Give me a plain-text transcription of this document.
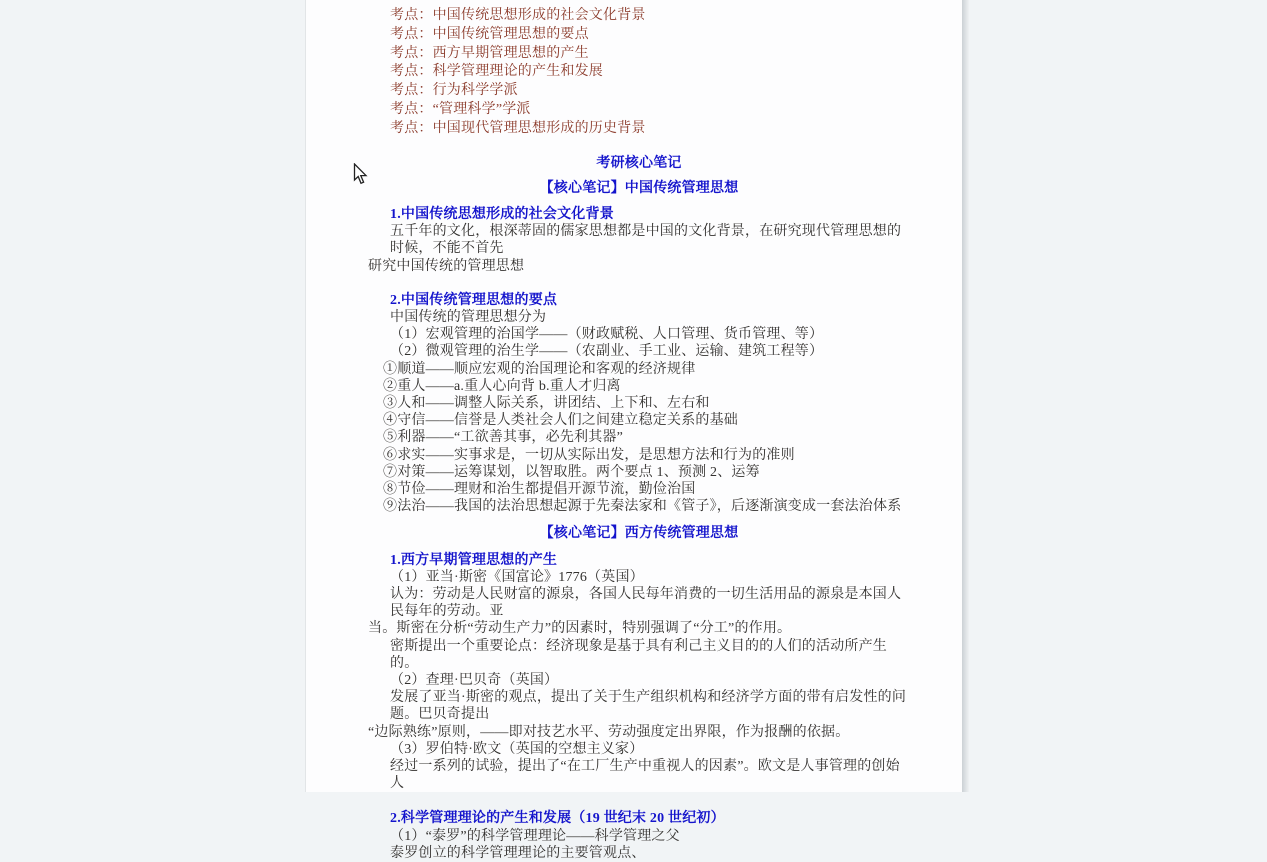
考点：中国传统思想形成的社会文化背景
考点：中国传统管理思想的要点
考点：西方早期管理思想的产生
考点：科学管理理论的产生和发展
考点：行为科学学派
考点：“管理科学”学派
考点：中国现代管理思想形成的历史背景
考研核心笔记
【核心笔记】中国传统管理思想
1.中国传统思想形成的社会文化背景
五千年的文化，根深蒂固的儒家思想都是中国的文化背景，在研究现代管理思想的时候，不能不首先
研究中国传统的管理思想
2.中国传统管理思想的要点
中国传统的管理思想分为
（1）宏观管理的治国学——（财政赋税、人口管理、货币管理、等）
（2）微观管理的治生学——（农副业、手工业、运输、建筑工程等）
①顺道——顺应宏观的治国理论和客观的经济规律
②重人——a.重人心向背 b.重人才归离
③人和——调整人际关系，讲团结、上下和、左右和
④守信——信誉是人类社会人们之间建立稳定关系的基础
⑤利器——“工欲善其事，必先利其器”
⑥求实——实事求是，一切从实际出发，是思想方法和行为的准则
⑦对策——运筹谋划，以智取胜。两个要点 1、预测 2、运筹
⑧节俭——理财和治生都提倡开源节流，勤俭治国
⑨法治——我国的法治思想起源于先秦法家和《管子》，后逐渐演变成一套法治体系
【核心笔记】西方传统管理思想
1.西方早期管理思想的产生
（1）亚当·斯密《国富论》1776（英国）
认为：劳动是人民财富的源泉，各国人民每年消费的一切生活用品的源泉是本国人民每年的劳动。亚
当。斯密在分析“劳动生产力”的因素时，特别强调了“分工”的作用。
密斯提出一个重要论点：经济现象是基于具有利己主义目的的人们的活动所产生的。
（2）查理·巴贝奇（英国）
发展了亚当·斯密的观点，提出了关于生产组织机构和经济学方面的带有启发性的问题。巴贝奇提出
“边际熟练”原则，——即对技艺水平、劳动强度定出界限，作为报酬的依据。
（3）罗伯特·欧文（英国的空想主义家）
经过一系列的试验，提出了“在工厂生产中重视人的因素”。欧文是人事管理的创始人
2.科学管理理论的产生和发展（19 世纪末 20 世纪初）
（1）“泰罗”的科学管理理论——科学管理之父
泰罗创立的科学管理理论的主要管观点、
